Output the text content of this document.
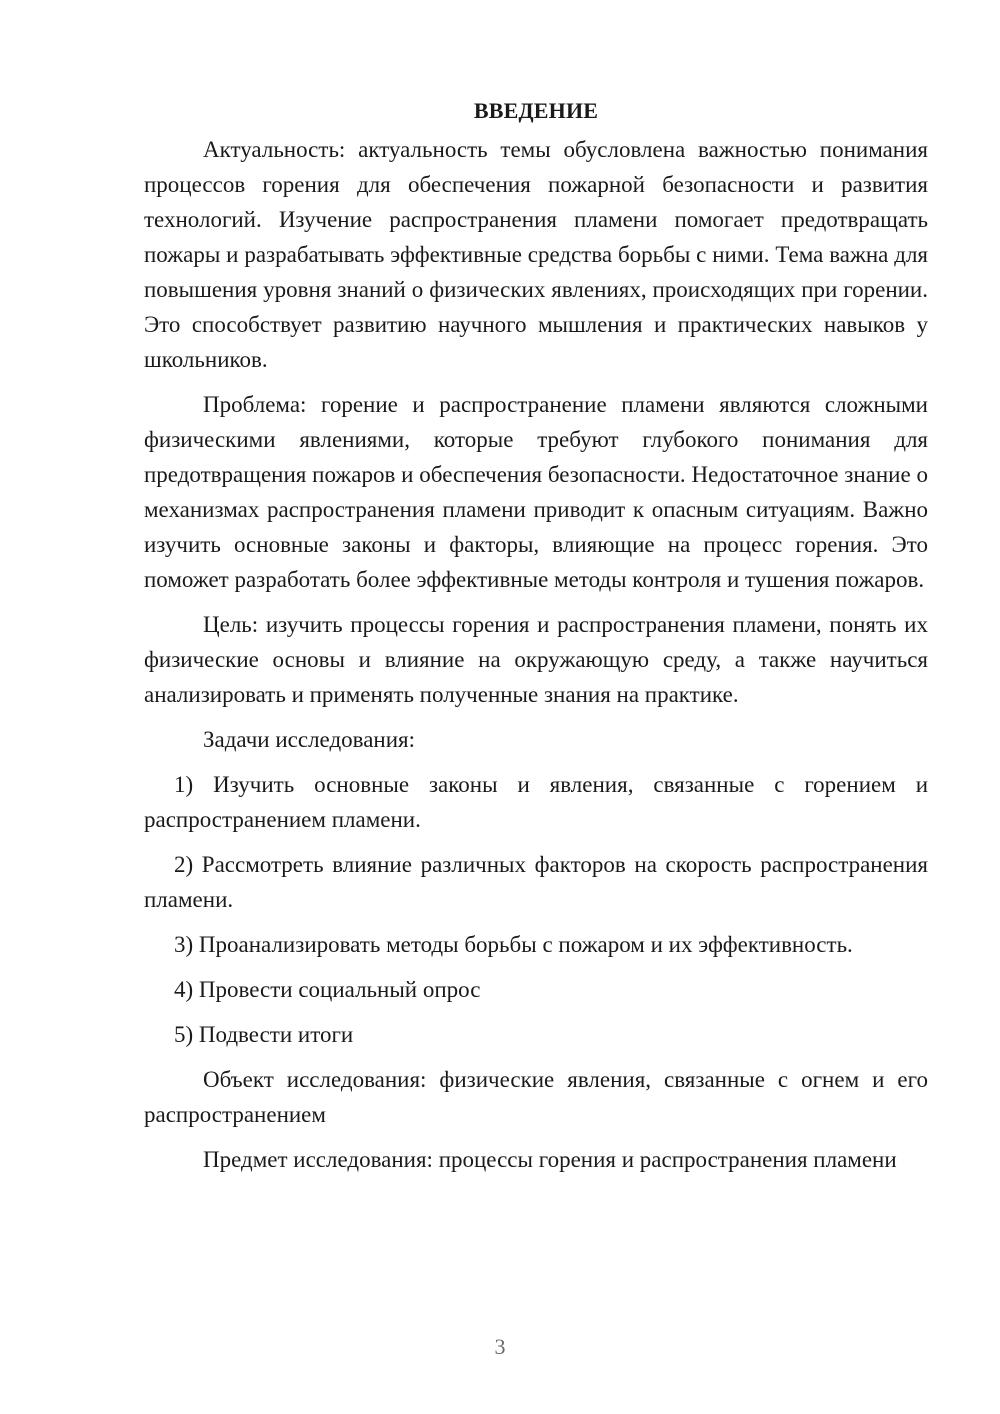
ВВЕДЕНИЕ

Актуальность: актуальность темы обусловлена важностью понимания процессов горения для обеспечения пожарной безопасности и развития технологий. Изучение распространения пламени помогает предотвращать пожары и разрабатывать эффективные средства борьбы с ними. Тема важна для повышения уровня знаний о физических явлениях, происходящих при горении. Это способствует развитию научного мышления и практических навыков у школьников.

Проблема: горение и распространение пламени являются сложными физическими явлениями, которые требуют глубокого понимания для предотвращения пожаров и обеспечения безопасности. Недостаточное знание о механизмах распространения пламени приводит к опасным ситуациям. Важно изучить основные законы и факторы, влияющие на процесс горения. Это поможет разработать более эффективные методы контроля и тушения пожаров.

Цель: изучить процессы горения и распространения пламени, понять их физические основы и влияние на окружающую среду, а также научиться анализировать и применять полученные знания на практике.

Задачи исследования:

1) Изучить основные законы и явления, связанные с горением и распространением пламени.

2) Рассмотреть влияние различных факторов на скорость распространения пламени.

3) Проанализировать методы борьбы с пожаром и их эффективность.

4) Провести социальный опрос

5) Подвести итоги

Объект исследования: физические явления, связанные с огнем и его распространением

Предмет исследования: процессы горения и распространения пламени

3
